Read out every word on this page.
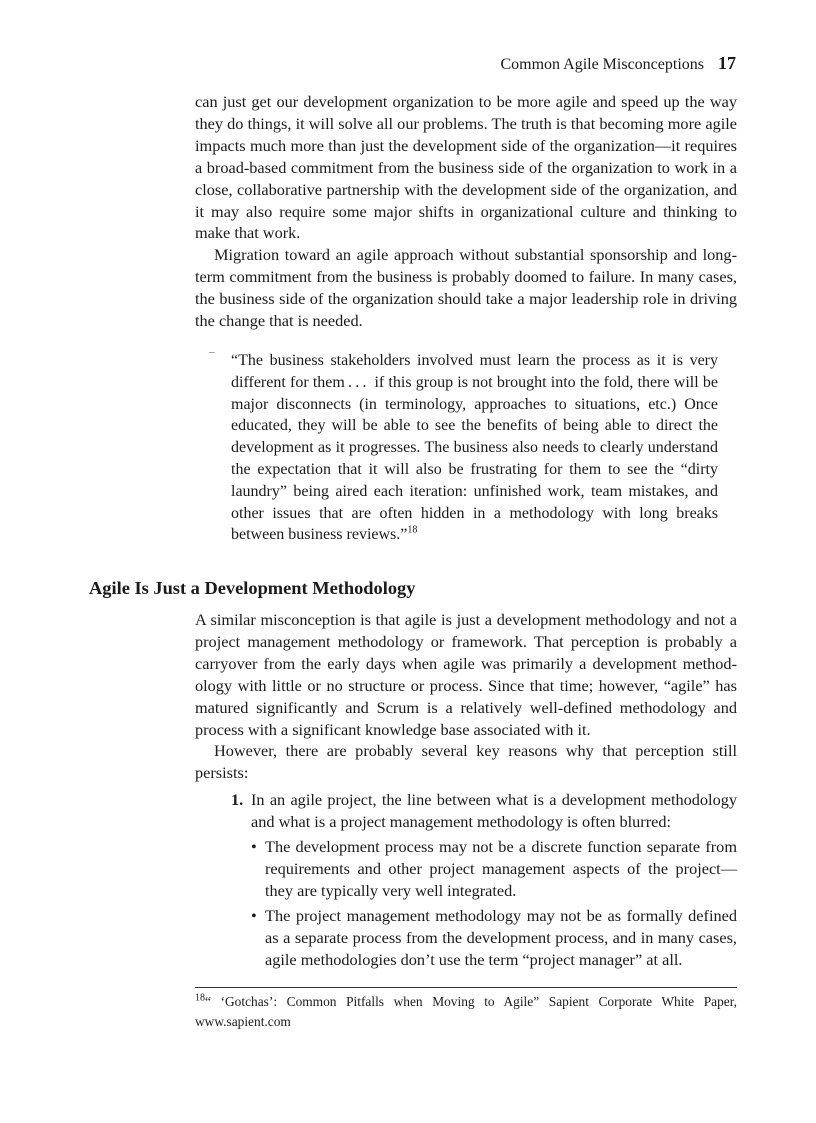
Common Agile Misconceptions 17

can just get our development organization to be more agile and speed up the way they do things, it will solve all our problems. The truth is that becoming more agile impacts much more than just the development side of the organization—it requires a broad-based commitment from the business side of the organization to work in a close, collaborative partnership with the development side of the organization, and it may also require some major shifts in organizational culture and thinking to make that work.

Migration toward an agile approach without substantial sponsorship and long-term commitment from the business is probably doomed to failure. In many cases, the business side of the organization should take a major leadership role in driving the change that is needed.

¯ “The business stakeholders involved must learn the process as it is very different for them . . . if this group is not brought into the fold, there will be major disconnects (in terminology, approaches to situations, etc.) Once educated, they will be able to see the benefits of being able to direct the development as it progresses. The business also needs to clearly understand the expectation that it will also be frustrating for them to see the “dirty laundry” being aired each iteration: unfinished work, team mistakes, and other issues that are often hidden in a methodology with long breaks between business reviews.”$^{18}$
Agile Is Just a Development Methodology

A similar misconception is that agile is just a development methodology and not a project management methodology or framework. That perception is probably a carryover from the early days when agile was primarily a development methodology with little or no structure or process. Since that time; however, “agile” has matured significantly and Scrum is a relatively well-defined methodology and process with a significant knowledge base associated with it.

However, there are probably several key reasons why that perception still persists:

1. In an agile project, the line between what is a development methodology and what is a project management methodology is often blurred:
• The development process may not be a discrete function separate from requirements and other project management aspects of the project—they are typically very well integrated.
• The project management methodology may not be as formally defined as a separate process from the development process, and in many cases, agile methodologies don’t use the term “project manager” at all.
$^{18}$“ ‘Gotchas’: Common Pitfalls when Moving to Agile” Sapient Corporate White Paper, www.sapient.com
